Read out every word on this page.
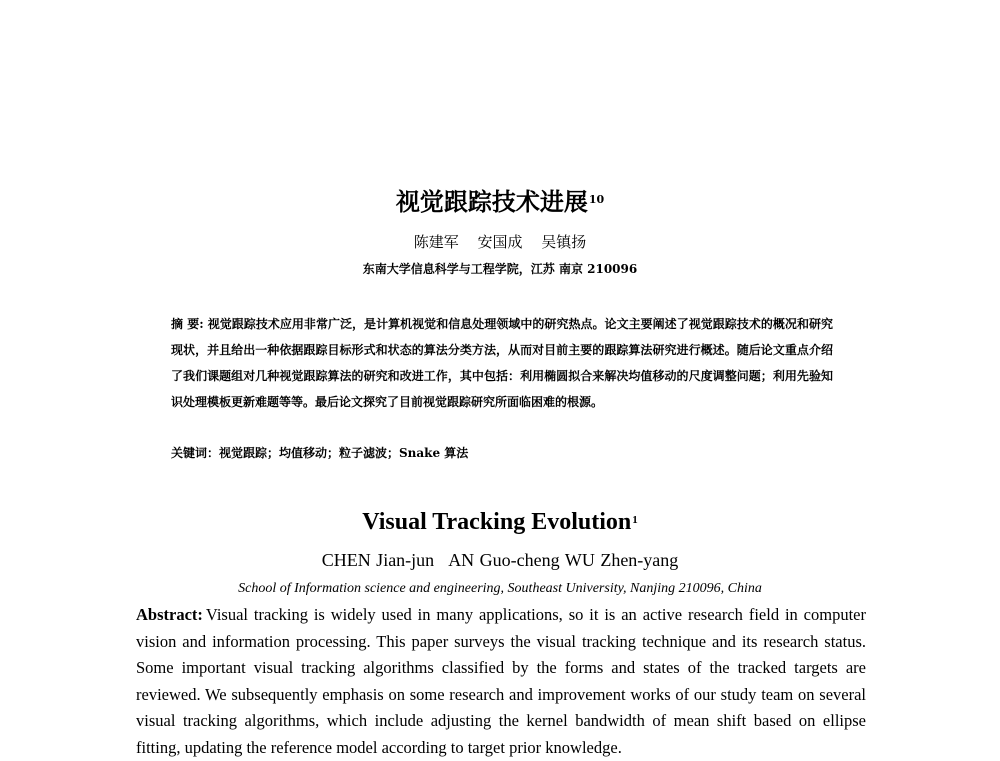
视觉跟踪技术进展$^{10}$
陈建军 安国成 吴镇扬
东南大学信息科学与工程学院，江苏 南京 210096
摘 要: 视觉跟踪技术应用非常广泛，是计算机视觉和信息处理领域中的研究热点。论文主要阐述了视觉跟踪技术的概况和研究现状，并且给出一种依据跟踪目标形式和状态的算法分类方法，从而对目前主要的跟踪算法研究进行概述。随后论文重点介绍了我们课题组对几种视觉跟踪算法的研究和改进工作，其中包括：利用椭圆拟合来解决均值移动的尺度调整问题；利用先验知识处理模板更新难题等等。最后论文探究了目前视觉跟踪研究所面临困难的根源。
关键词：视觉跟踪；均值移动；粒子滤波；Snake 算法
Visual Tracking Evolution$^1$
CHEN Jian-jun AN Guo-cheng WU Zhen-yang
School of Information science and engineering, Southeast University, Nanjing 210096, China
Abstract: Visual tracking is widely used in many applications, so it is an active research field in computer vision and information processing. This paper surveys the visual tracking technique and its research status. Some important visual tracking algorithms classified by the forms and states of the tracked targets are reviewed. We subsequently emphasis on some research and improvement works of our study team on several visual tracking algorithms, which include adjusting the kernel bandwidth of mean shift based on ellipse fitting, updating the reference model according to target prior knowledge.
